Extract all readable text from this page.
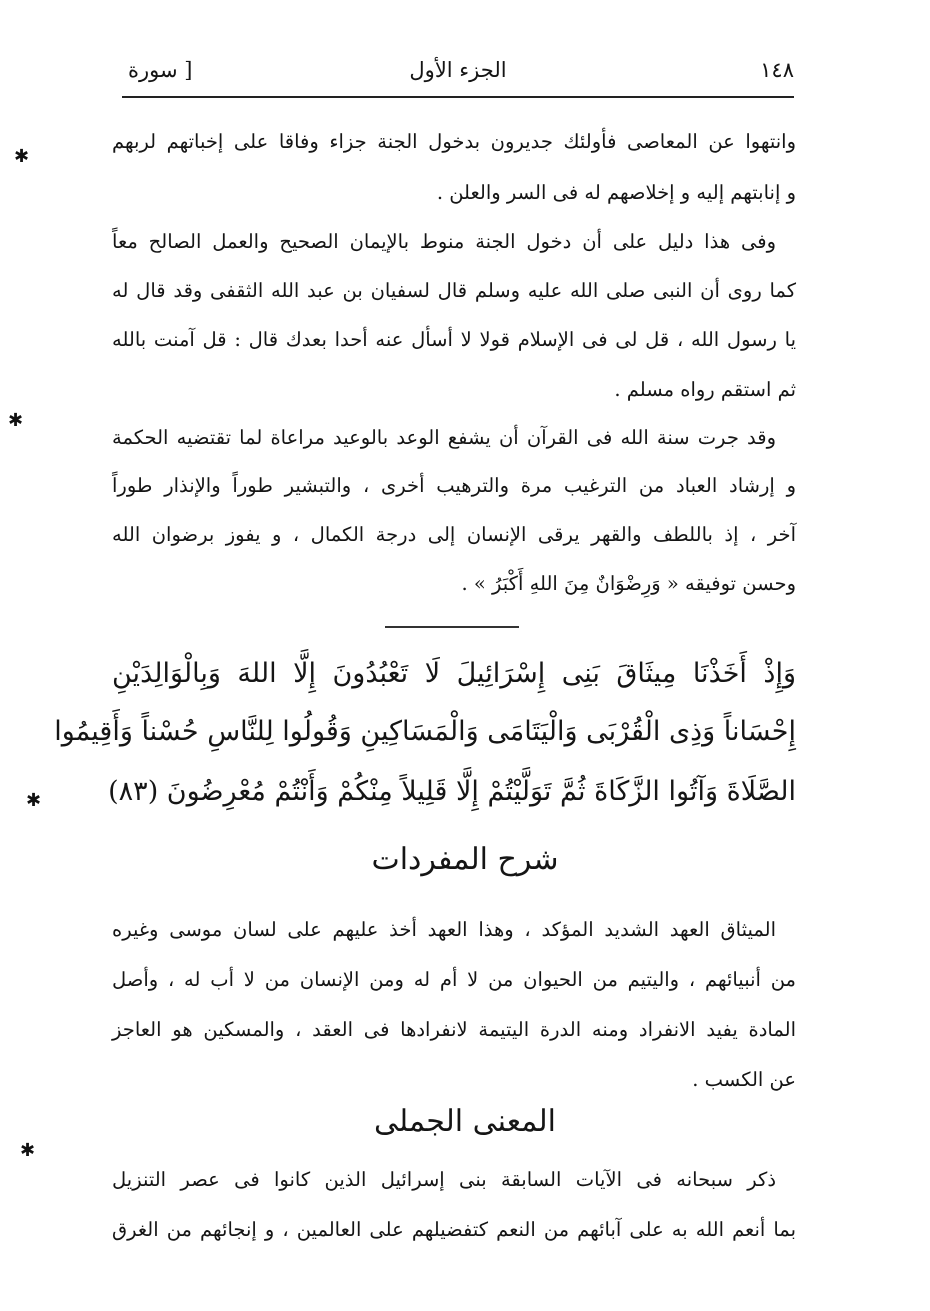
١٤٨
الجزء الأول
[ سورة
✱
✱
✱
✱
وانتهوا عن المعاصى فأولئك جديرون بدخول الجنة جزاء وفاقا على إخباتهم لربهم
و إنابتهم إليه و إخلاصهم له فى السر والعلن .
وفى هذا دليل على أن دخول الجنة منوط بالإيمان الصحيح والعمل الصالح معاً
كما روى أن النبى صلى الله عليه وسلم قال لسفيان بن عبد الله الثقفى وقد قال له
يا رسول الله ، قل لى فى الإسلام قولا لا أسأل عنه أحدا بعدك قال : قل آمنت بالله
ثم استقم رواه مسلم .
وقد جرت سنة الله فى القرآن أن يشفع الوعد بالوعيد مراعاة لما تقتضيه الحكمة
و إرشاد العباد من الترغيب مرة والترهيب أخرى ، والتبشير طوراً والإنذار طوراً
آخر ، إذ باللطف والقهر يرقى الإنسان إلى درجة الكمال ، و يفوز برضوان الله
وحسن توفيقه « وَرِضْوَانٌ مِنَ اللهِ أَكْبَرُ » .
وَإِذْ أَخَذْنَا مِيثَاقَ بَنِى إِسْرَائِيلَ لَا تَعْبُدُونَ إِلَّا اللهَ وَبِالْوَالِدَيْنِ
إِحْسَاناً وَذِى الْقُرْبَى وَالْيَتَامَى وَالْمَسَاكِينِ وَقُولُوا لِلنَّاسِ حُسْناً وَأَقِيمُوا
الصَّلَاةَ وَآتُوا الزَّكَاةَ ثُمَّ تَوَلَّيْتُمْ إِلَّا قَلِيلاً مِنْكُمْ وَأَنْتُمْ مُعْرِضُونَ (٨٣)
شرح المفردات
الميثاق العهد الشديد المؤكد ، وهذا العهد أخذ عليهم على لسان موسى وغيره
من أنبيائهم ، واليتيم من الحيوان من لا أم له ومن الإنسان من لا أب له ، وأصل
المادة يفيد الانفراد ومنه الدرة اليتيمة لانفرادها فى العقد ، والمسكين هو العاجز
عن الكسب .
المعنى الجملى
ذكر سبحانه فى الآيات السابقة بنى إسرائيل الذين كانوا فى عصر التنزيل
بما أنعم الله به على آبائهم من النعم كتفضيلهم على العالمين ، و إنجائهم من الغرق
